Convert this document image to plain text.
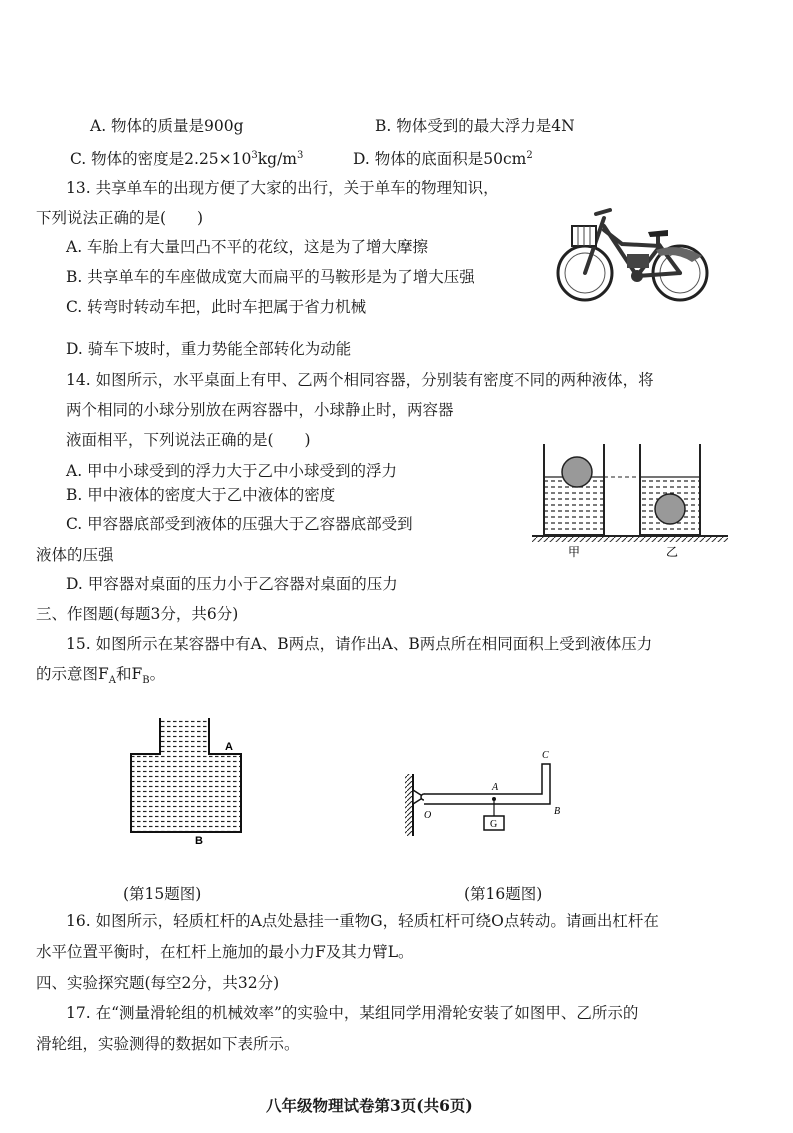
A. 物体的质量是900g	B. 物体受到的最大浮力是4N
C. 物体的密度是$2.25\times 10^3kg/m^3$	D. 物体的底面积是$50cm^2$
13. 共享单车的出现方便了大家的出行，关于单车的物理知识，
下列说法正确的是(　　)
A. 车胎上有大量凹凸不平的花纹，这是为了增大摩擦
B. 共享单车的车座做成宽大而扁平的马鞍形是为了增大压强
C. 转弯时转动车把，此时车把属于省力机械
D. 骑车下坡时，重力势能全部转化为动能
14. 如图所示，水平桌面上有甲、乙两个相同容器，分别装有密度不同的两种液体，将
两个相同的小球分别放在两容器中，小球静止时，两容器
液面相平，下列说法正确的是(　　)
A. 甲中小球受到的浮力大于乙中小球受到的浮力
B. 甲中液体的密度大于乙中液体的密度
C. 甲容器底部受到液体的压强大于乙容器底部受到
液体的压强
D. 甲容器对桌面的压力小于乙容器对桌面的压力
甲	乙
三、作图题(每题3分，共6分)
15. 如图所示在某容器中有A、B两点，请作出A、B两点所在相同面积上受到液体压力
的示意图$F_A$和$F_B$。
A
B
(第15题图)
G
A
O	B
C
(第16题图)
16. 如图所示，轻质杠杆的A点处悬挂一重物G，轻质杠杆可绕O点转动。请画出杠杆在
水平位置平衡时，在杠杆上施加的最小力F及其力臂L。
四、实验探究题(每空2分，共32分)
17. 在“测量滑轮组的机械效率”的实验中，某组同学用滑轮安装了如图甲、乙所示的
滑轮组，实验测得的数据如下表所示。
八年级物理试卷第3页(共6页)
